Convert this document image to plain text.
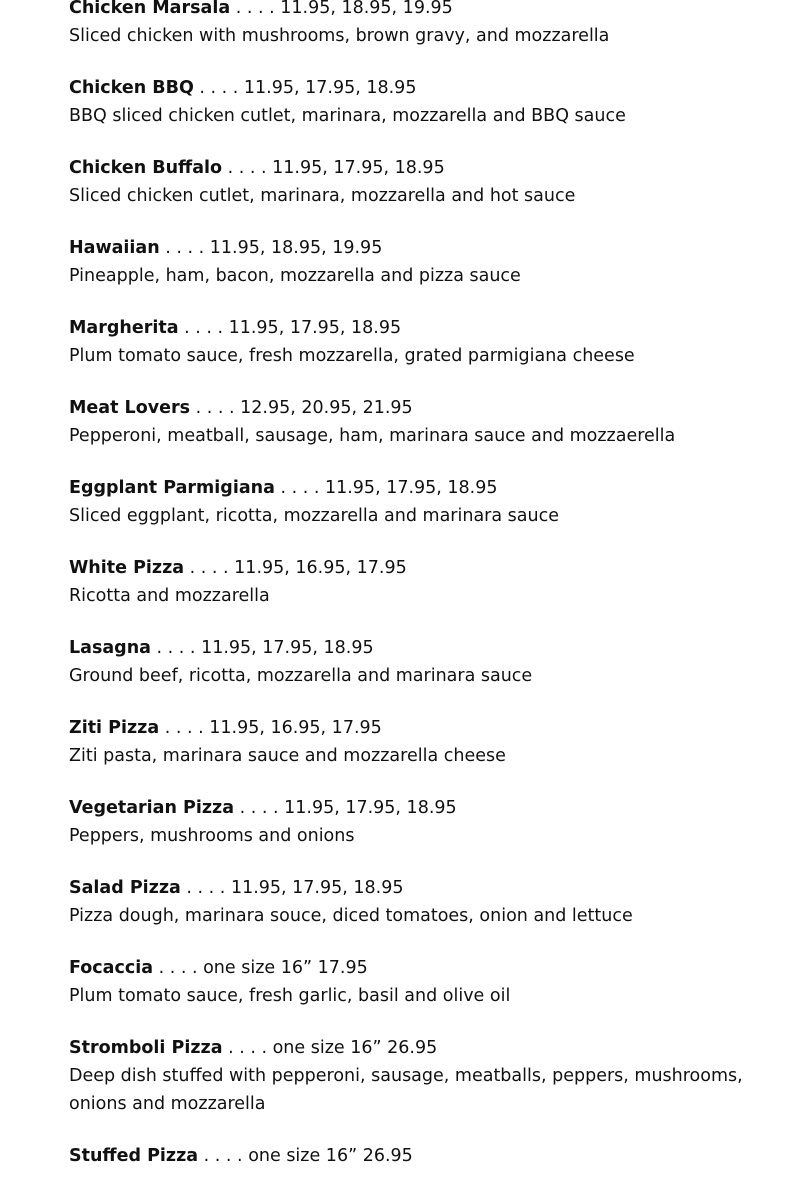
Chicken Marsala . . . . 11.95, 18.95, 19.95
Sliced chicken with mushrooms, brown gravy, and mozzarella
Chicken BBQ . . . . 11.95, 17.95, 18.95
BBQ sliced chicken cutlet, marinara, mozzarella and BBQ sauce
Chicken Buffalo . . . . 11.95, 17.95, 18.95
Sliced chicken cutlet, marinara, mozzarella and hot sauce
Hawaiian . . . . 11.95, 18.95, 19.95
Pineapple, ham, bacon, mozzarella and pizza sauce
Margherita . . . . 11.95, 17.95, 18.95
Plum tomato sauce, fresh mozzarella, grated parmigiana cheese
Meat Lovers . . . . 12.95, 20.95, 21.95
Pepperoni, meatball, sausage, ham, marinara sauce and mozzaerella
Eggplant Parmigiana . . . . 11.95, 17.95, 18.95
Sliced eggplant, ricotta, mozzarella and marinara sauce
White Pizza . . . . 11.95, 16.95, 17.95
Ricotta and mozzarella
Lasagna . . . . 11.95, 17.95, 18.95
Ground beef, ricotta, mozzarella and marinara sauce
Ziti Pizza . . . . 11.95, 16.95, 17.95
Ziti pasta, marinara sauce and mozzarella cheese
Vegetarian Pizza . . . . 11.95, 17.95, 18.95
Peppers, mushrooms and onions
Salad Pizza . . . . 11.95, 17.95, 18.95
Pizza dough, marinara souce, diced tomatoes, onion and lettuce
Focaccia . . . . one size 16” 17.95
Plum tomato sauce, fresh garlic, basil and olive oil
Stromboli Pizza . . . . one size 16” 26.95
Deep dish stuffed with pepperoni, sausage, meatballs, peppers, mushrooms, onions and mozzarella
Stuffed Pizza . . . . one size 16” 26.95
